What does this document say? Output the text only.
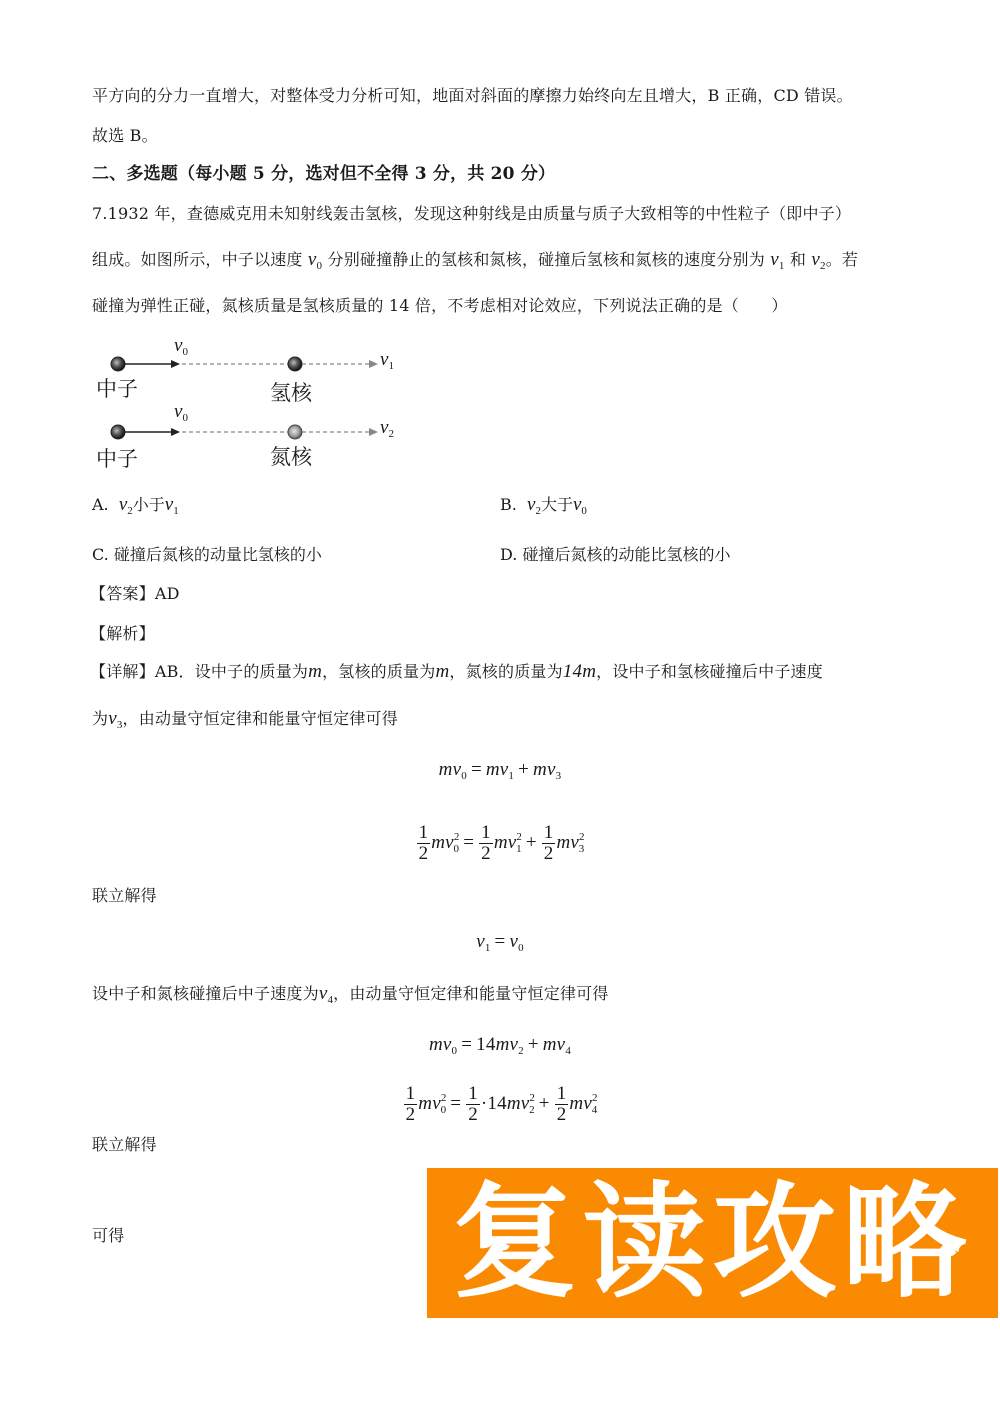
平方向的分力一直增大，对整体受力分析可知，地面对斜面的摩擦力始终向左且增大，B 正确，CD 错误。
故选 B。
二、多选题（每小题 5 分，选对但不全得 3 分，共 20 分）
7.1932 年，查德威克用未知射线轰击氢核，发现这种射线是由质量与质子大致相等的中性粒子（即中子）
组成。如图所示，中子以速度 $v_0$ 分别碰撞静止的氢核和氮核，碰撞后氢核和氮核的速度分别为 $v_1$ 和 $v_2$。若
碰撞为弹性正碰，氮核质量是氢核质量的 14 倍，不考虑相对论效应，下列说法正确的是（　　）
$v_0$	$v_1$
中子	氢核
$v_0$	$v_2$
中子	氮核
A. $v_2$小于$v_1$	B. $v_2$大于$v_0$
C. 碰撞后氮核的动量比氢核的小	D. 碰撞后氮核的动能比氢核的小
【答案】AD
【解析】
【详解】AB．设中子的质量为m，氢核的质量为m，氮核的质量为14m，设中子和氢核碰撞后中子速度
为$v_3$，由动量守恒定律和能量守恒定律可得
$mv_0 = mv_1 + mv_3$
$\frac{1}{2} mv^2_0 = \frac{1}{2} mv^2_1 + \frac{1}{2} mv^2_3$
联立解得
$v_1 = v_0$
设中子和氮核碰撞后中子速度为$v_4$，由动量守恒定律和能量守恒定律可得
$mv_0 = 14mv_2 + mv_4$
$\frac{1}{2} mv^2_0 = \frac{1}{2} \cdot 14mv^2_2 + \frac{1}{2} mv^2_4$
联立解得
可得	复读攻略
